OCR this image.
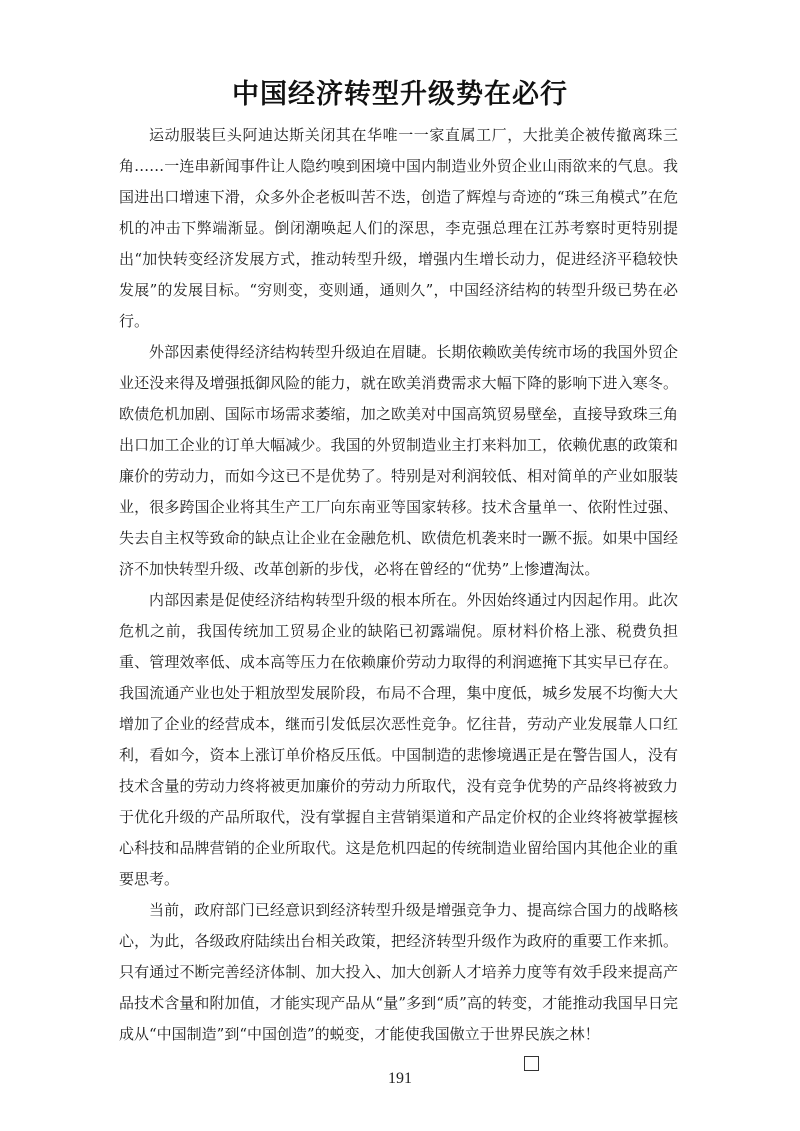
中国经济转型升级势在必行

运动服装巨头阿迪达斯关闭其在华唯一一家直属工厂，大批美企被传撤离珠三角……一连串新闻事件让人隐约嗅到困境中国内制造业外贸企业山雨欲来的气息。我国进出口增速下滑，众多外企老板叫苦不迭，创造了辉煌与奇迹的“珠三角模式”在危机的冲击下弊端渐显。倒闭潮唤起人们的深思，李克强总理在江苏考察时更特别提出“加快转变经济发展方式，推动转型升级，增强内生增长动力，促进经济平稳较快发展”的发展目标。“穷则变，变则通，通则久”，中国经济结构的转型升级已势在必行。

外部因素使得经济结构转型升级迫在眉睫。长期依赖欧美传统市场的我国外贸企业还没来得及增强抵御风险的能力，就在欧美消费需求大幅下降的影响下进入寒冬。欧债危机加剧、国际市场需求萎缩，加之欧美对中国高筑贸易壁垒，直接导致珠三角出口加工企业的订单大幅减少。我国的外贸制造业主打来料加工，依赖优惠的政策和廉价的劳动力，而如今这已不是优势了。特别是对利润较低、相对简单的产业如服装业，很多跨国企业将其生产工厂向东南亚等国家转移。技术含量单一、依附性过强、失去自主权等致命的缺点让企业在金融危机、欧债危机袭来时一蹶不振。如果中国经济不加快转型升级、改革创新的步伐，必将在曾经的“优势”上惨遭淘汰。

内部因素是促使经济结构转型升级的根本所在。外因始终通过内因起作用。此次危机之前，我国传统加工贸易企业的缺陷已初露端倪。原材料价格上涨、税费负担重、管理效率低、成本高等压力在依赖廉价劳动力取得的利润遮掩下其实早已存在。我国流通产业也处于粗放型发展阶段，布局不合理，集中度低，城乡发展不均衡大大增加了企业的经营成本，继而引发低层次恶性竞争。忆往昔，劳动产业发展靠人口红利，看如今，资本上涨订单价格反压低。中国制造的悲惨境遇正是在警告国人，没有技术含量的劳动力终将被更加廉价的劳动力所取代，没有竞争优势的产品终将被致力于优化升级的产品所取代，没有掌握自主营销渠道和产品定价权的企业终将被掌握核心科技和品牌营销的企业所取代。这是危机四起的传统制造业留给国内其他企业的重要思考。

当前，政府部门已经意识到经济转型升级是增强竞争力、提高综合国力的战略核心，为此，各级政府陆续出台相关政策，把经济转型升级作为政府的重要工作来抓。只有通过不断完善经济体制、加大投入、加大创新人才培养力度等有效手段来提高产品技术含量和附加值，才能实现产品从“量”多到“质”高的转变，才能推动我国早日完成从“中国制造”到“中国创造”的蜕变，才能使我国傲立于世界民族之林！

191
